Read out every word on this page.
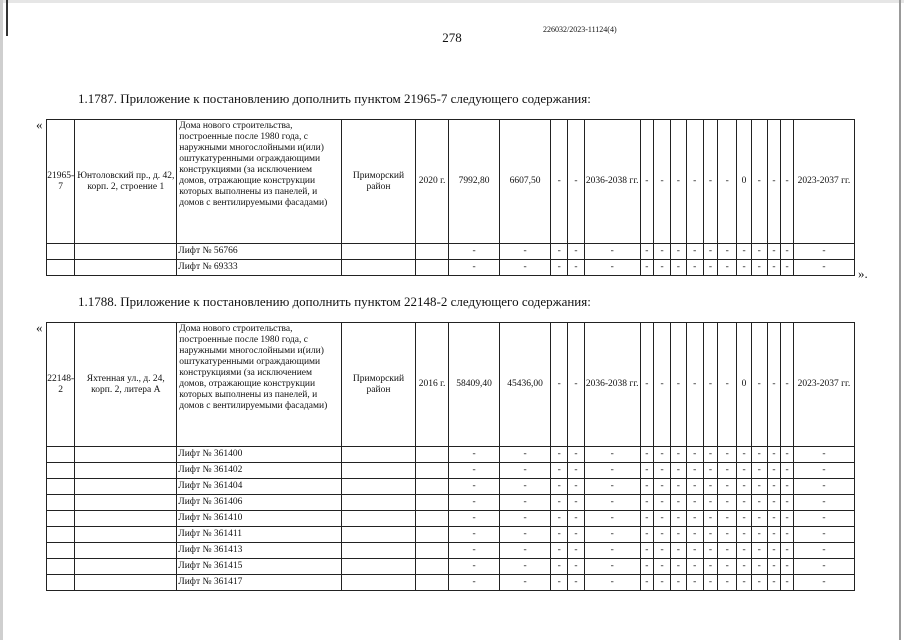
226032/2023-11124(4)
278
1.1787. Приложение к постановлению дополнить пунктом 21965-7 следующего содержания:
«
21965-7	Юнтоловский пр., д. 42, корп. 2, строение 1	Дома нового строительства, построенные после 1980 года, с наружными многослойными и(или) оштукатуренными ограждающими конструкциями (за исключением домов, отражающие конструкции которых выполнены из панелей, и домов с вентилируемыми фасадами)	Приморский район	2020 г.	7992,80	6607,50	-	-	2036-2038 гг.	-	-	-	-	-	-	0	-	-	-	2023-2037 гг.
		Лифт № 56766			-	-	-	-	-	-	-	-	-	-	-	-	-	-	-	-
		Лифт № 69333			-	-	-	-	-	-	-	-	-	-	-	-	-	-	-	- ».
1.1788. Приложение к постановлению дополнить пунктом 22148-2 следующего содержания:
«
22148-2	Яхтенная ул., д. 24, корп. 2, литера А	Дома нового строительства, построенные после 1980 года, с наружными многослойными и(или) оштукатуренными ограждающими конструкциями (за исключением домов, отражающие конструкции которых выполнены из панелей, и домов с вентилируемыми фасадами)	Приморский район	2016 г.	58409,40	45436,00	-	-	2036-2038 гг.	-	-	-	-	-	-	0	-	-	-	2023-2037 гг.
		Лифт № 361400			-	-	-	-	-	-	-	-	-	-	-	-	-	-	-	-
		Лифт № 361402			-	-	-	-	-	-	-	-	-	-	-	-	-	-	-	-
		Лифт № 361404			-	-	-	-	-	-	-	-	-	-	-	-	-	-	-	-
		Лифт № 361406			-	-	-	-	-	-	-	-	-	-	-	-	-	-	-	-
		Лифт № 361410			-	-	-	-	-	-	-	-	-	-	-	-	-	-	-	-
		Лифт № 361411			-	-	-	-	-	-	-	-	-	-	-	-	-	-	-	-
		Лифт № 361413			-	-	-	-	-	-	-	-	-	-	-	-	-	-	-	-
		Лифт № 361415			-	-	-	-	-	-	-	-	-	-	-	-	-	-	-	-
		Лифт № 361417			-	-	-	-	-	-	-	-	-	-	-	-	-	-	-	-
